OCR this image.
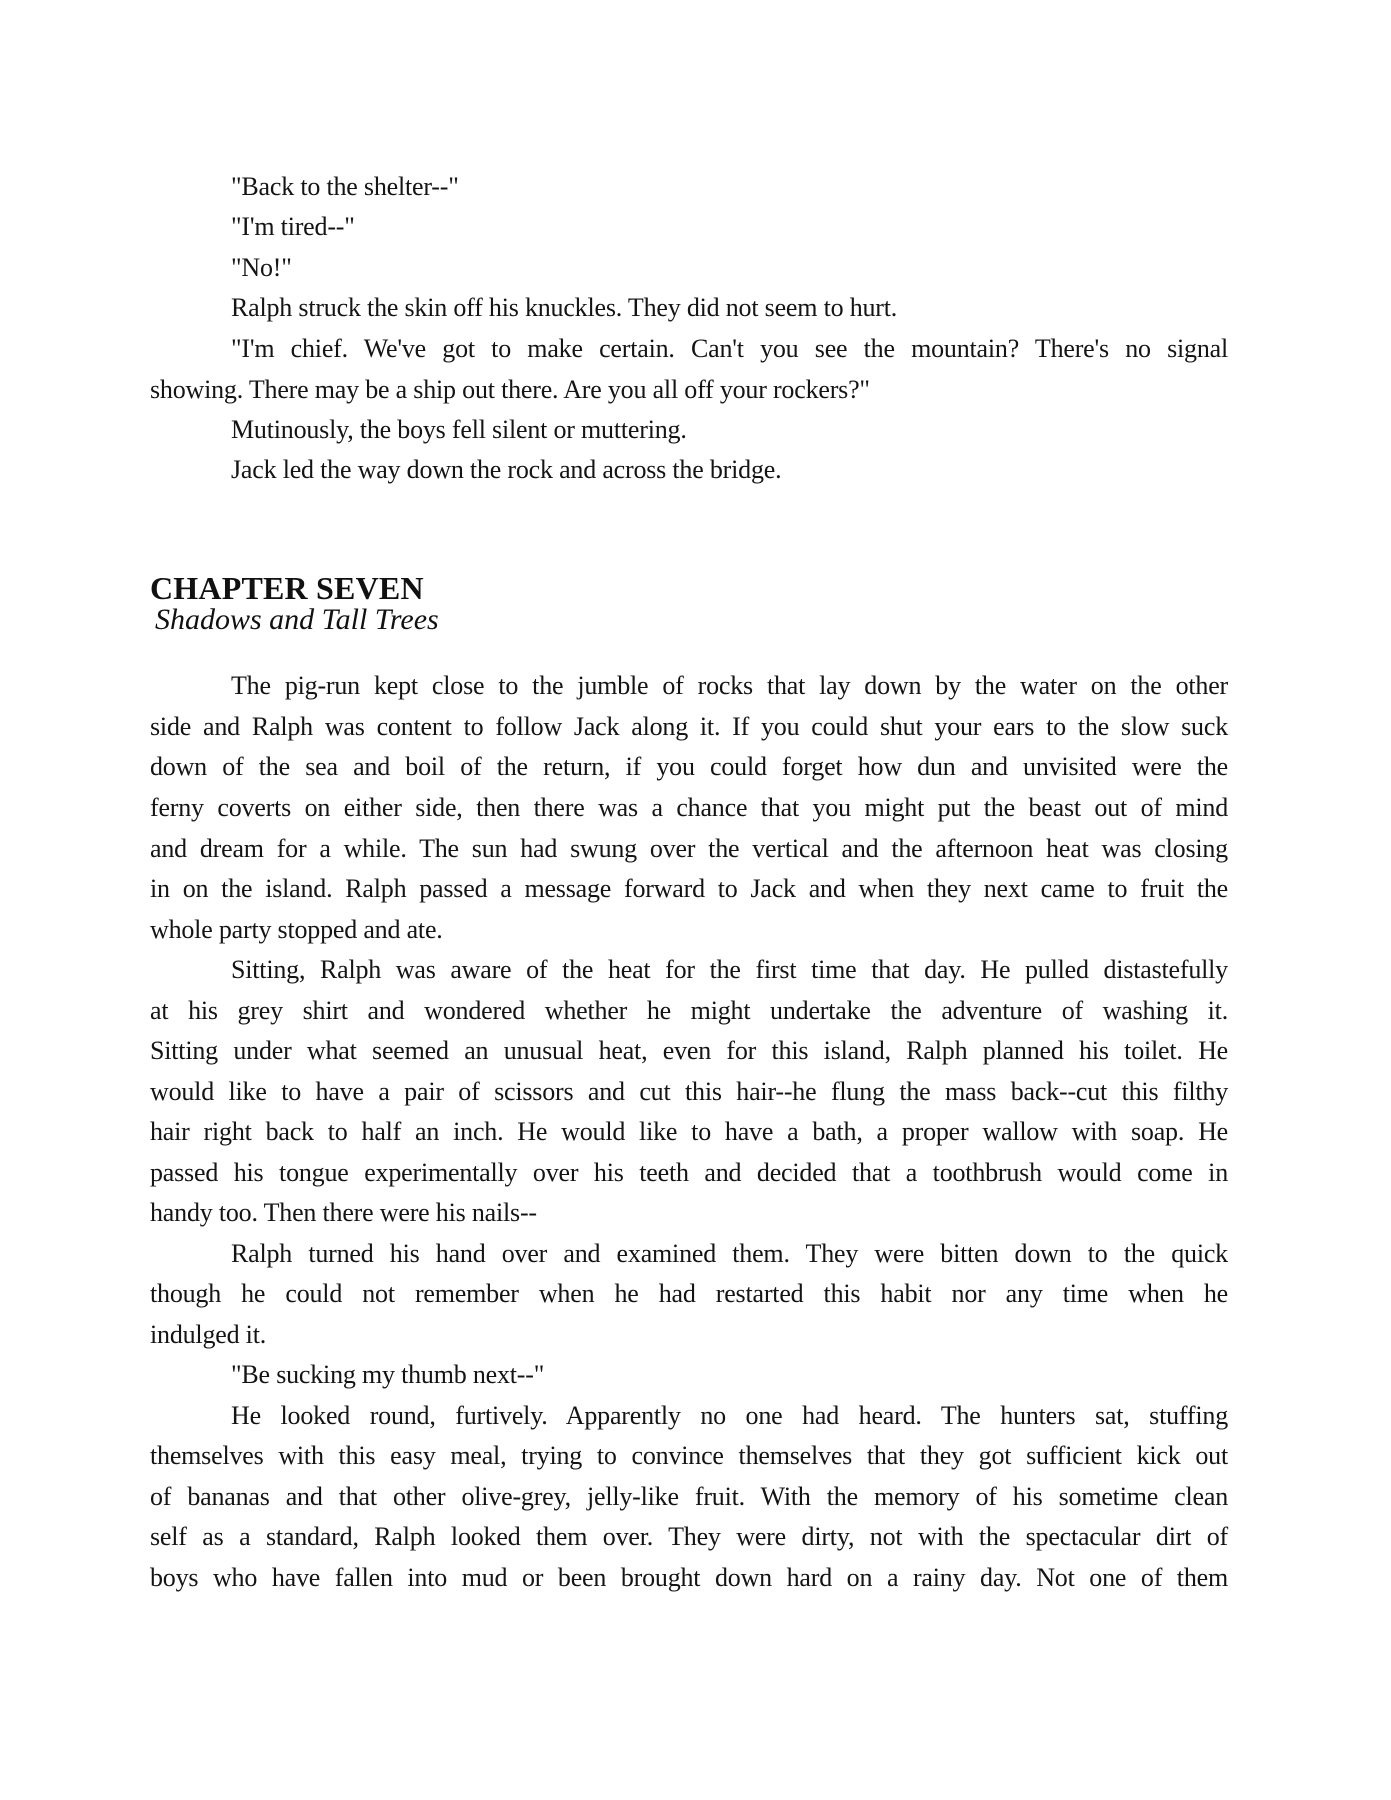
"Back to the shelter--"
"I'm tired--"
"No!"
Ralph struck the skin off his knuckles. They did not seem to hurt.
"I'm chief. We've got to make certain. Can't you see the mountain? There's no signal
showing. There may be a ship out there. Are you all off your rockers?"
Mutinously, the boys fell silent or muttering.
Jack led the way down the rock and across the bridge.
CHAPTER SEVEN
Shadows and Tall Trees
The pig-run kept close to the jumble of rocks that lay down by the water on the other
side and Ralph was content to follow Jack along it. If you could shut your ears to the slow suck
down of the sea and boil of the return, if you could forget how dun and unvisited were the
ferny coverts on either side, then there was a chance that you might put the beast out of mind
and dream for a while. The sun had swung over the vertical and the afternoon heat was closing
in on the island. Ralph passed a message forward to Jack and when they next came to fruit the
whole party stopped and ate.
Sitting, Ralph was aware of the heat for the first time that day. He pulled distastefully
at his grey shirt and wondered whether he might undertake the adventure of washing it.
Sitting under what seemed an unusual heat, even for this island, Ralph planned his toilet. He
would like to have a pair of scissors and cut this hair--he flung the mass back--cut this filthy
hair right back to half an inch. He would like to have a bath, a proper wallow with soap. He
passed his tongue experimentally over his teeth and decided that a toothbrush would come in
handy too. Then there were his nails--
Ralph turned his hand over and examined them. They were bitten down to the quick
though he could not remember when he had restarted this habit nor any time when he
indulged it.
"Be sucking my thumb next--"
He looked round, furtively. Apparently no one had heard. The hunters sat, stuffing
themselves with this easy meal, trying to convince themselves that they got sufficient kick out
of bananas and that other olive-grey, jelly-like fruit. With the memory of his sometime clean
self as a standard, Ralph looked them over. They were dirty, not with the spectacular dirt of
boys who have fallen into mud or been brought down hard on a rainy day. Not one of them
